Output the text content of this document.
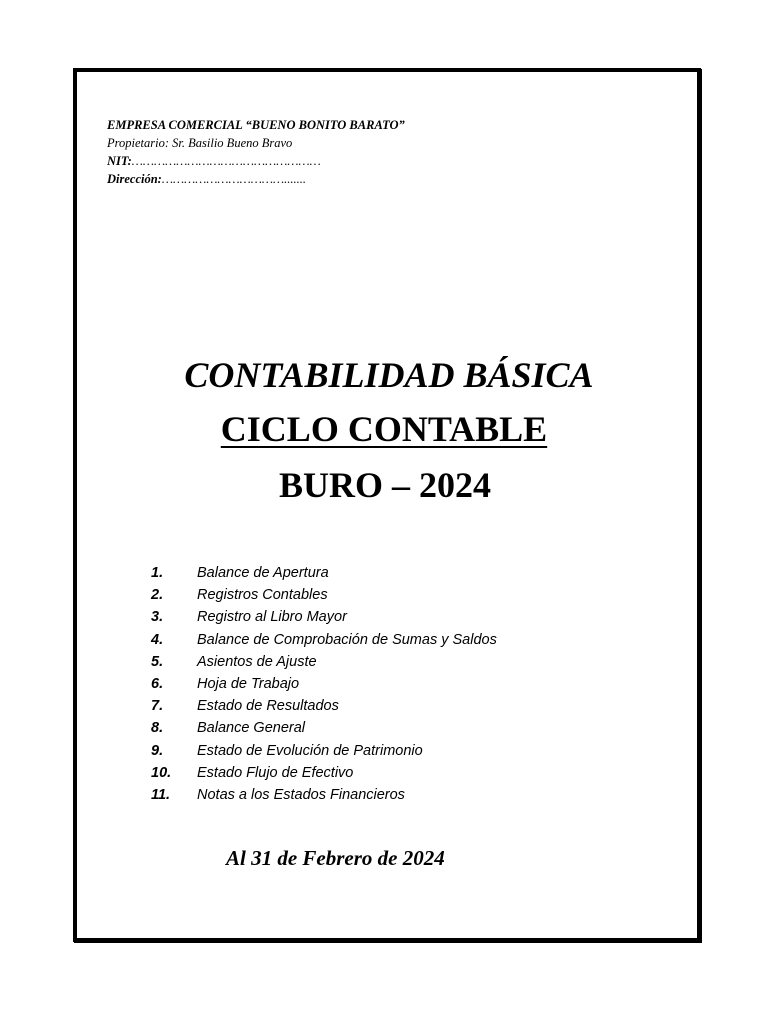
EMPRESA COMERCIAL “BUENO BONITO BARATO”
Propietario: Sr. Basilio Bueno Bravo
NIT:……………………………………………
Dirección:…………………………….......
CONTABILIDAD BÁSICA
CICLO CONTABLE
BURO – 2024
1. Balance de Apertura
2. Registros Contables
3. Registro al Libro Mayor
4. Balance de Comprobación de Sumas y Saldos
5. Asientos de Ajuste
6. Hoja de Trabajo
7. Estado de Resultados
8. Balance General
9. Estado de Evolución de Patrimonio
10. Estado Flujo de Efectivo
11. Notas a los Estados Financieros
Al 31 de Febrero de 2024
